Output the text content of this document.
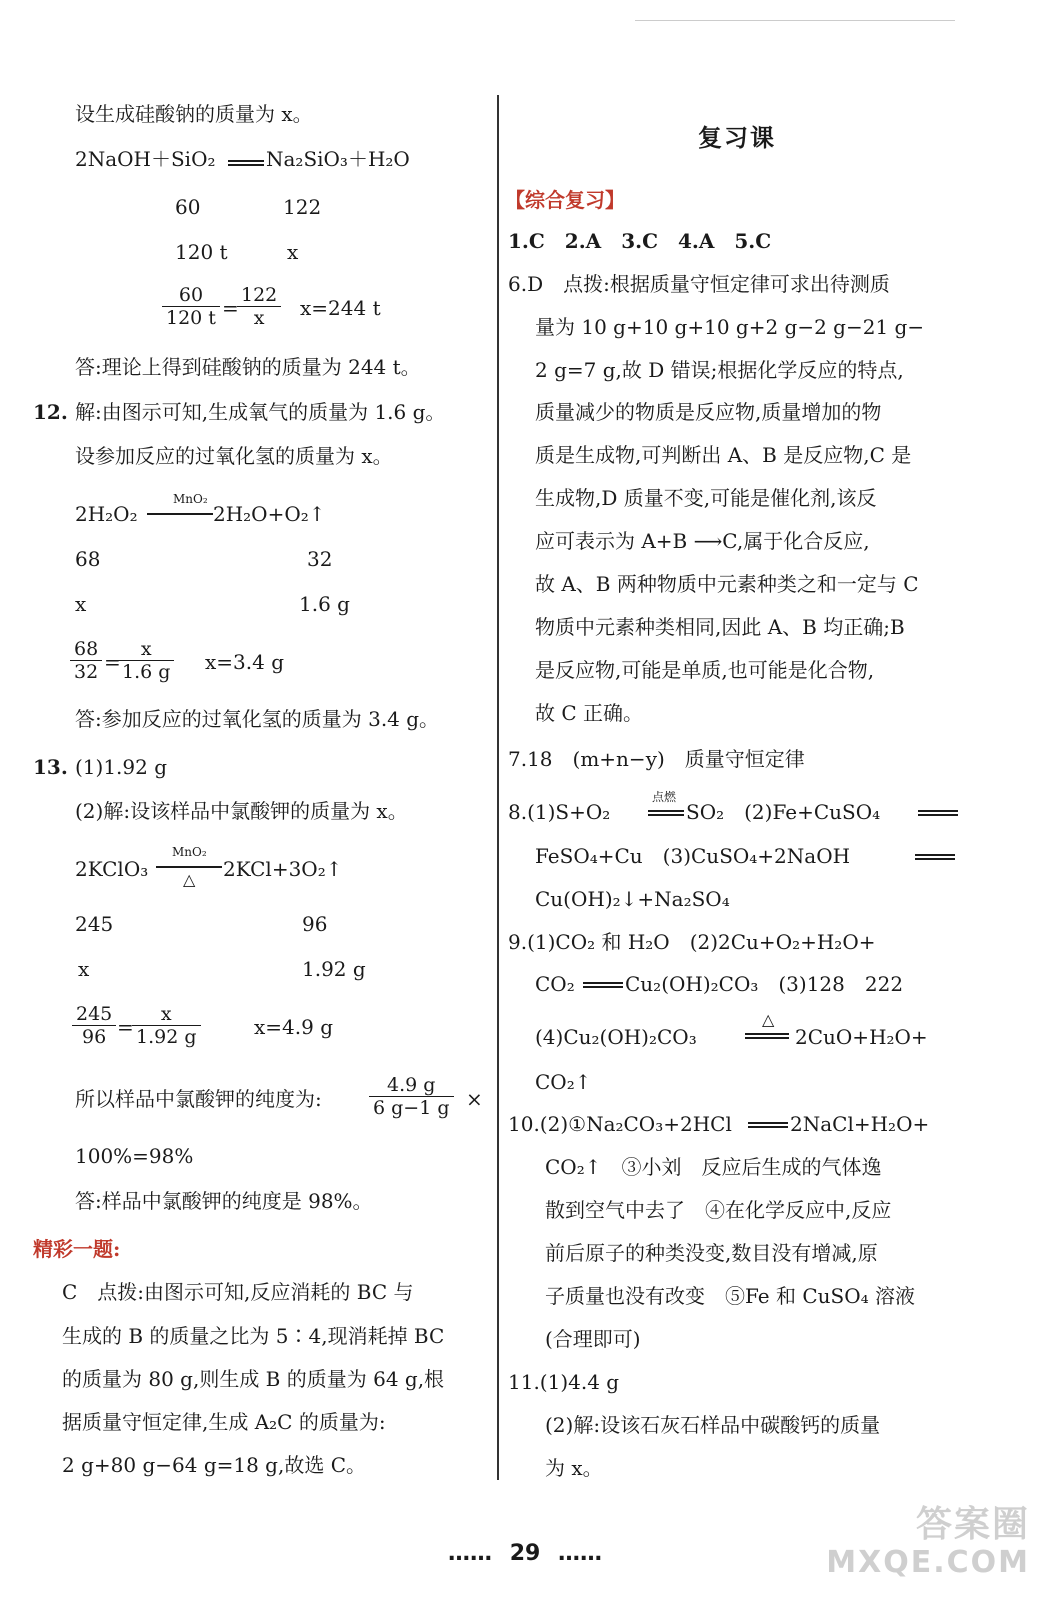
设生成硅酸钠的质量为 x。
2NaOH＋SiO₂	Na₂SiO₃＋H₂O
60	122
120 t	x
$\frac{60}{120 t}$ =
$\frac{122}{x} x=244$ t
答:理论上得到硅酸钠的质量为 244 t。
12. 解:由图示可知,生成氧气的质量为 1.6 g。
设参加反应的过氧化氢的质量为 x。
2H₂O₂
MnO₂
2H₂O+O₂↑
68	32
x	1.6 g
$\frac{68}{32}$ =
$\frac{x}{1.6 g} x=3.4$ g
答:参加反应的过氧化氢的质量为 3.4 g。
13. (1)1.92 g
(2)解:设该样品中氯酸钾的质量为 x。
2KClO₃
MnO₂
△ 2KCl+3O₂↑
245	96
x	1.92 g
$\frac{245}{96}$ =
$\frac{x}{1.92 g}$	x=4.9 g
所以样品中氯酸钾的纯度为: $\frac{4.9 g}{6 g-1 g}$ ×
100%=98%
答:样品中氯酸钾的纯度是 98%。
精彩一题:
C　点拨:由图示可知,反应消耗的 BC 与
生成的 B 的质量之比为 5∶4,现消耗掉 BC
的质量为 80 g,则生成 B 的质量为 64 g,根
据质量守恒定律,生成 A₂C 的质量为:
2 g+80 g−64 g=18 g,故选 C。
复习课
【综合复习】
1.C　2.A　3.C　4.A　5.C
6.D　点拨:根据质量守恒定律可求出待测质
量为 10 g+10 g+10 g+2 g−2 g−21 g−
2 g=7 g,故 D 错误;根据化学反应的特点,
质量减少的物质是反应物,质量增加的物
质是生成物,可判断出 A、B 是反应物,C 是
生成物,D 质量不变,可能是催化剂,该反
应可表示为 A+B ⟶C,属于化合反应,
故 A、B 两种物质中元素种类之和一定与 C
物质中元素种类相同,因此 A、B 均正确;B
是反应物,可能是单质,也可能是化合物,
故 C 正确。
7.18　(m+n−y)　质量守恒定律
8.(1)S+O₂
点燃
SO₂　(2)Fe+CuSO₄
FeSO₄+Cu　(3)CuSO₄+2NaOH
Cu(OH)₂↓+Na₂SO₄
9.(1)CO₂ 和 H₂O　(2)2Cu+O₂+H₂O+
CO₂	Cu₂(OH)₂CO₃　(3)128　222
(4)Cu₂(OH)₂CO₃
△
2CuO+H₂O+
CO₂↑
10.(2)①Na₂CO₃+2HCl	2NaCl+H₂O+
CO₂↑　③小刘　反应后生成的气体逸
散到空气中去了　④在化学反应中,反应
前后原子的种类没变,数目没有增减,原
子质量也没有改变　⑤Fe 和 CuSO₄ 溶液
(合理即可)
11.(1)4.4 g
(2)解:设该石灰石样品中碳酸钙的质量
为 x。
…… 29 ……
答案圈
MXQE.COM
